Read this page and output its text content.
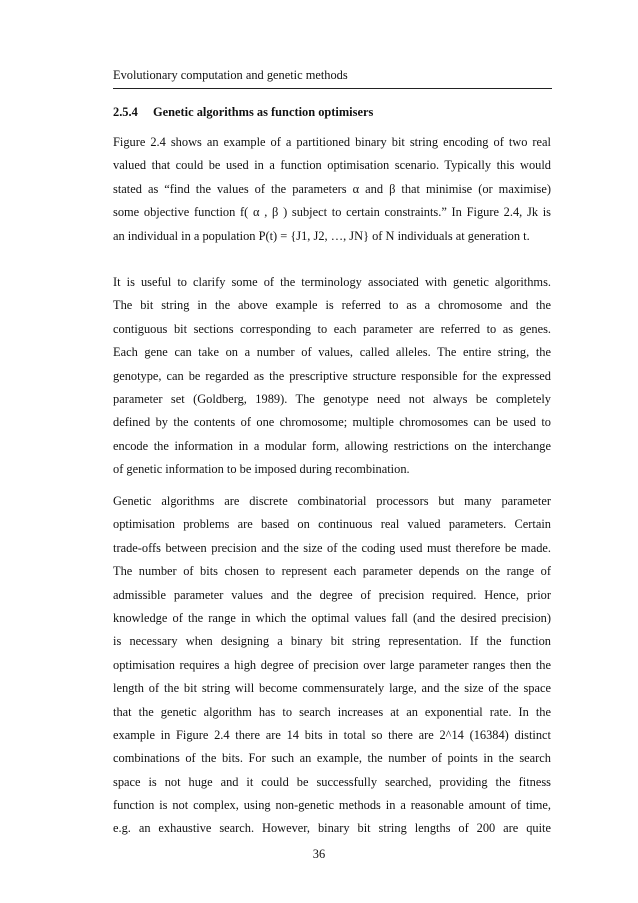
Evolutionary computation and genetic methods
2.5.4 Genetic algorithms as function optimisers

Figure 2.4 shows an example of a partitioned binary bit string encoding of two real
valued that could be used in a function optimisation scenario. Typically this would
stated as “find the values of the parameters α and β that minimise (or maximise)
some objective function f( α , β ) subject to certain constraints.” In Figure 2.4, Jk is
an individual in a population P(t) = {J1, J2, …, JN} of N individuals at generation t.

It is useful to clarify some of the terminology associated with genetic algorithms.
The bit string in the above example is referred to as a chromosome and the
contiguous bit sections corresponding to each parameter are referred to as genes.
Each gene can take on a number of values, called alleles. The entire string, the
genotype, can be regarded as the prescriptive structure responsible for the expressed
parameter set (Goldberg, 1989). The genotype need not always be completely
defined by the contents of one chromosome; multiple chromosomes can be used to
encode the information in a modular form, allowing restrictions on the interchange
of genetic information to be imposed during recombination.

Genetic algorithms are discrete combinatorial processors but many parameter
optimisation problems are based on continuous real valued parameters. Certain
trade-offs between precision and the size of the coding used must therefore be made.
The number of bits chosen to represent each parameter depends on the range of
admissible parameter values and the degree of precision required. Hence, prior
knowledge of the range in which the optimal values fall (and the desired precision)
is necessary when designing a binary bit string representation. If the function
optimisation requires a high degree of precision over large parameter ranges then the
length of the bit string will become commensurately large, and the size of the space
that the genetic algorithm has to search increases at an exponential rate. In the
example in Figure 2.4 there are 14 bits in total so there are 2^14 (16384) distinct
combinations of the bits. For such an example, the number of points in the search
space is not huge and it could be successfully searched, providing the fitness
function is not complex, using non-genetic methods in a reasonable amount of time,
e.g. an exhaustive search. However, binary bit string lengths of 200 are quite

36
